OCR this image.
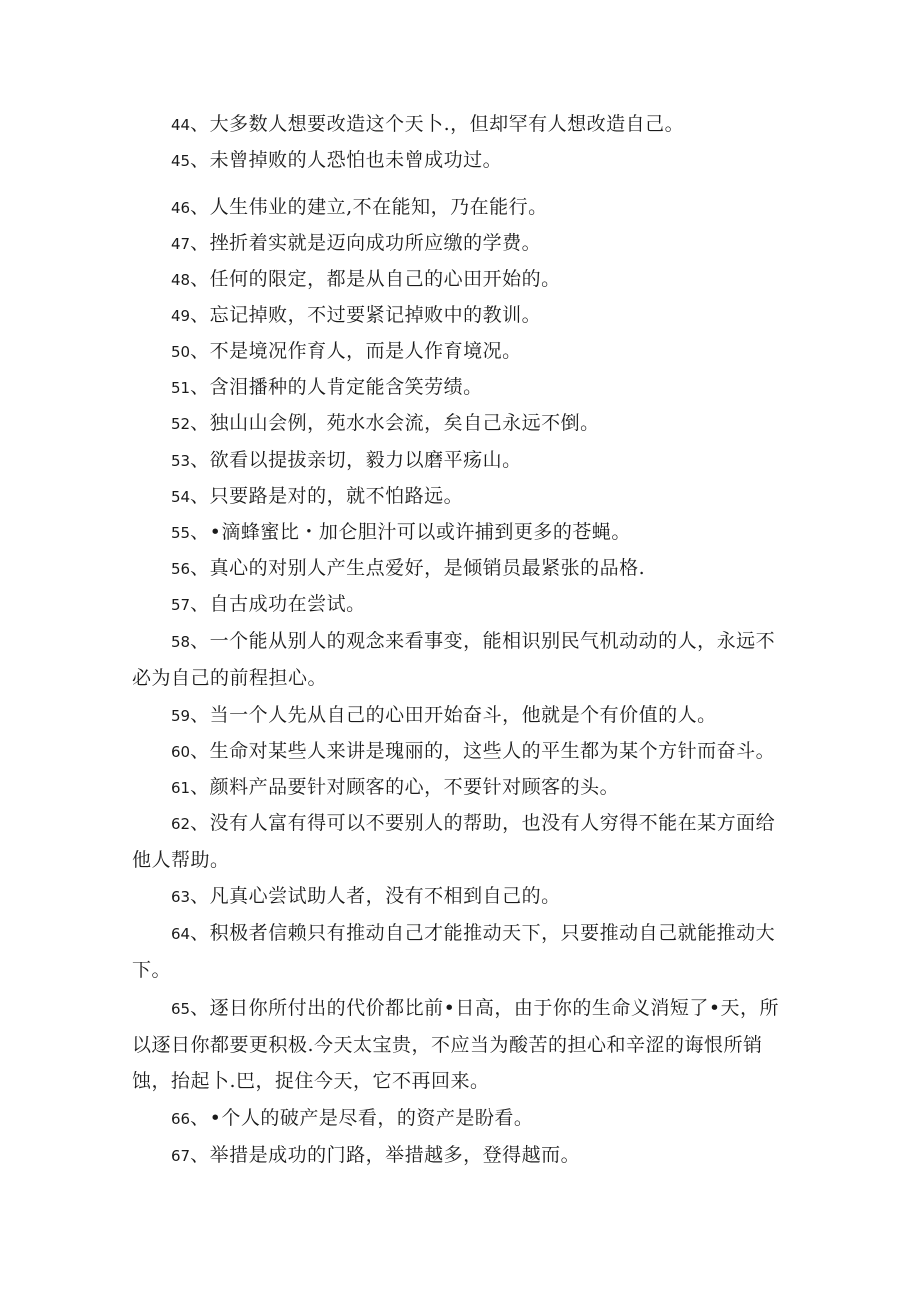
44、大多数人想要改造这个天卜.，但却罕有人想改造自己。
45、未曾掉败的人恐怕也未曾成功过。
46、人生伟业的建立,不在能知，乃在能行。
47、挫折着实就是迈向成功所应缴的学费。
48、任何的限定，都是从自己的心田开始的。
49、忘记掉败，不过要紧记掉败中的教训。
50、不是境况作育人，而是人作育境况。
51、含泪播种的人肯定能含笑劳绩。
52、独山山会例，苑水水会流，矣自己永远不倒。
53、欲看以提拔亲切，毅力以磨平疡山。
54、只要路是对的，就不怕路远。
55、•滴蜂蜜比・加仑胆汁可以或许捕到更多的苍蝇。
56、真心的对别人产生点爱好，是倾销员最紧张的品格.
57、自古成功在尝试。
58、一个能从别人的观念来看事变，能相识别民气机动动的人，永远不必为自己的前程担心。
59、当一个人先从自己的心田开始奋斗，他就是个有价值的人。
60、生命对某些人来讲是瑰丽的，这些人的平生都为某个方针而奋斗。
61、颜料产品要针对顾客的心，不要针对顾客的头。
62、没有人富有得可以不要别人的帮助，也没有人穷得不能在某方面给他人帮助。
63、凡真心尝试助人者，没有不相到自己的。
64、积极者信赖只有推动自己才能推动天下，只要推动自己就能推动大下。
65、逐日你所付出的代价都比前•日高，由于你的生命义消短了•天，所以逐日你都要更积极.今天太宝贵，不应当为酸苦的担心和辛涩的诲恨所销蚀，抬起卜.巴，捉住今天，它不再回来。
66、•个人的破产是尽看，的资产是盼看。
67、举措是成功的门路，举措越多，登得越而。
